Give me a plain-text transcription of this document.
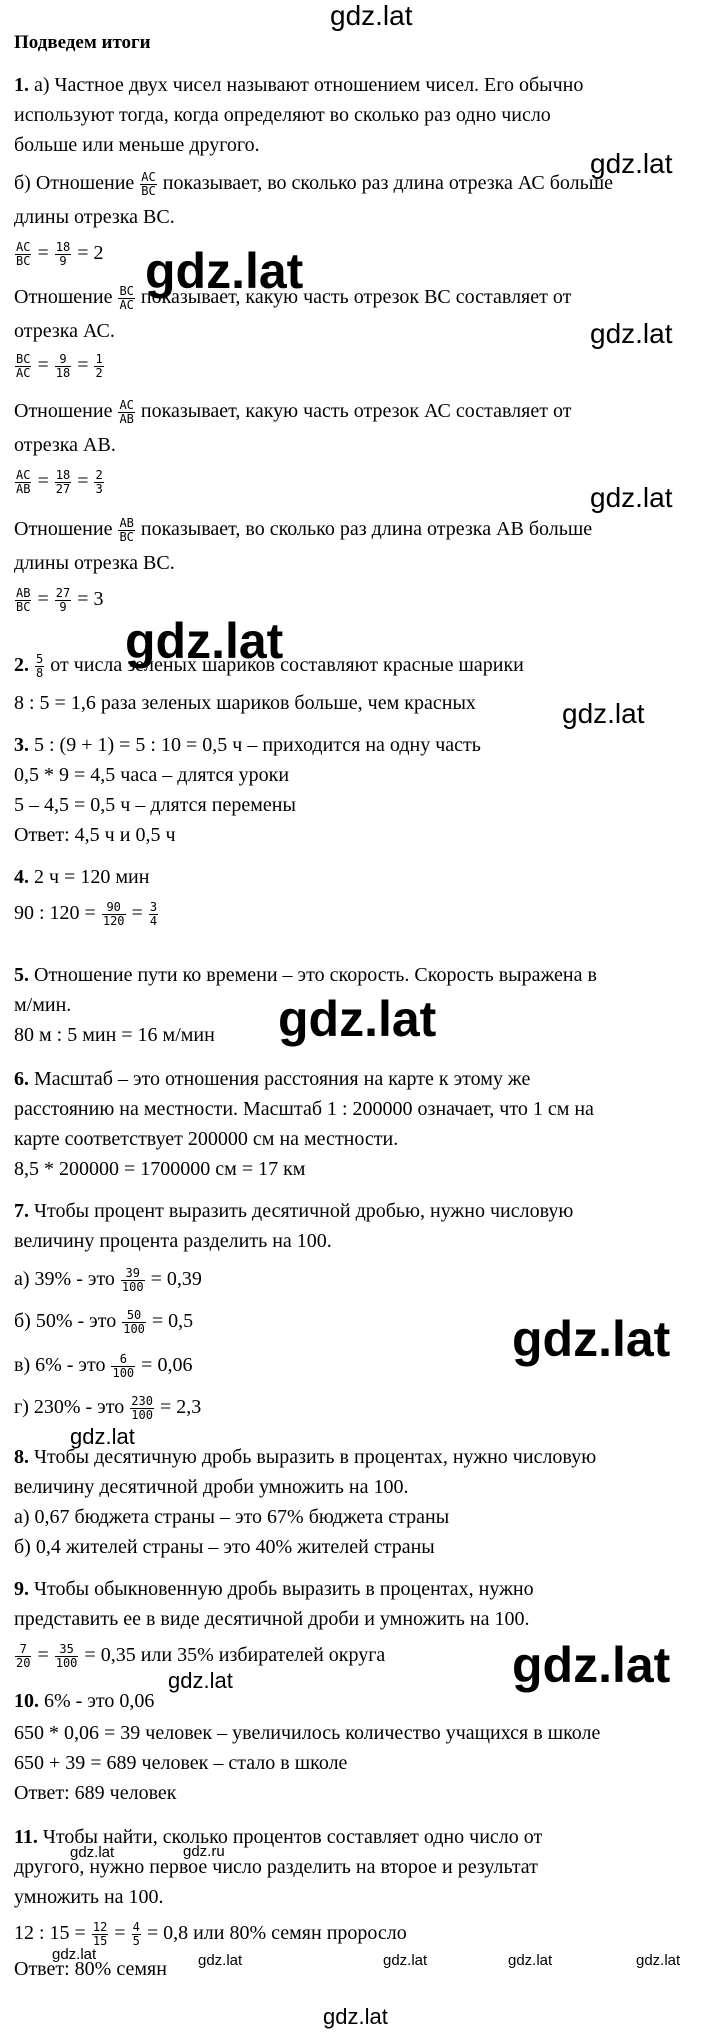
gdz.lat
gdz.lat
gdz.lat
gdz.lat
gdz.lat
gdz.lat
gdz.lat
gdz.lat
gdz.lat
gdz.lat
gdz.lat
gdz.lat
gdz.lat	gdz.ru
gdz.lat	gdz.lat	gdz.lat	gdz.lat	gdz.lat
gdz.lat
Подведем итоги
1. а) Частное двух чисел называют отношением чисел. Его обычно
используют тогда, когда определяют во сколько раз одно число
больше или меньше другого.
б) Отношение $\frac{AC}{BC}$ показывает, во сколько раз длина отрезка АС больше
длины отрезка ВС.
$\frac{AC}{BC} = \frac{18}{9} = 2$
Отношение $\frac{BC}{AC}$ показывает, какую часть отрезок ВС составляет от
отрезка АС.
$\frac{BC}{AC} = \frac{9}{18} = \frac{1}{2}$
Отношение $\frac{AC}{AB}$ показывает, какую часть отрезок АС составляет от
отрезка АВ.
$\frac{AC}{AB} = \frac{18}{27} = \frac{2}{3}$
Отношение $\frac{AB}{BC}$ показывает, во сколько раз длина отрезка АВ больше
длины отрезка ВС.
$\frac{AB}{BC} = \frac{27}{9} = 3$
2. $\frac{5}{8}$ от числа зеленых шариков составляют красные шарики
8 : 5 = 1,6 раза зеленых шариков больше, чем красных
3. 5 : (9 + 1) = 5 : 10 = 0,5 ч – приходится на одну часть
0,5 * 9 = 4,5 часа – длятся уроки
5 – 4,5 = 0,5 ч – длятся перемены
Ответ: 4,5 ч и 0,5 ч
4. 2 ч = 120 мин
90 : $120 = \frac{90}{120} = \frac{3}{4}$
5. Отношение пути ко времени – это скорость. Скорость выражена в
м/мин.
80 м : 5 мин = 16 м/мин
6. Масштаб – это отношения расстояния на карте к этому же
расстоянию на местности. Масштаб 1 : 200000 означает, что 1 см на
карте соответствует 200000 см на местности.
8,5 * 200000 = 1700000 см = 17 км
7. Чтобы процент выразить десятичной дробью, нужно числовую
величину процента разделить на 100.
а) 39% - это $\frac{39}{100} = 0,39$
б) 50% - это $\frac{50}{100} = 0,5$
в) 6% - это $\frac{6}{100} = 0,06$
г) 230% - это $\frac{230}{100} = 2,3$
8. Чтобы десятичную дробь выразить в процентах, нужно числовую
величину десятичной дроби умножить на 100.
а) 0,67 бюджета страны – это 67% бюджета страны
б) 0,4 жителей страны – это 40% жителей страны
9. Чтобы обыкновенную дробь выразить в процентах, нужно
представить ее в виде десятичной дроби и умножить на 100.
$\frac{7}{20} = \frac{35}{100} = 0,35$ или 35% избирателей округа
10. 6% - это 0,06
650 * 0,06 = 39 человек – увеличилось количество учащихся в школе
650 + 39 = 689 человек – стало в школе
Ответ: 689 человек
11. Чтобы найти, сколько процентов составляет одно число от
другого, нужно первое число разделить на второе и результат
умножить на 100.
12 : $15 = \frac{12}{15} = \frac{4}{5} = 0,8$ или 80% семян проросло
Ответ: 80% семян
